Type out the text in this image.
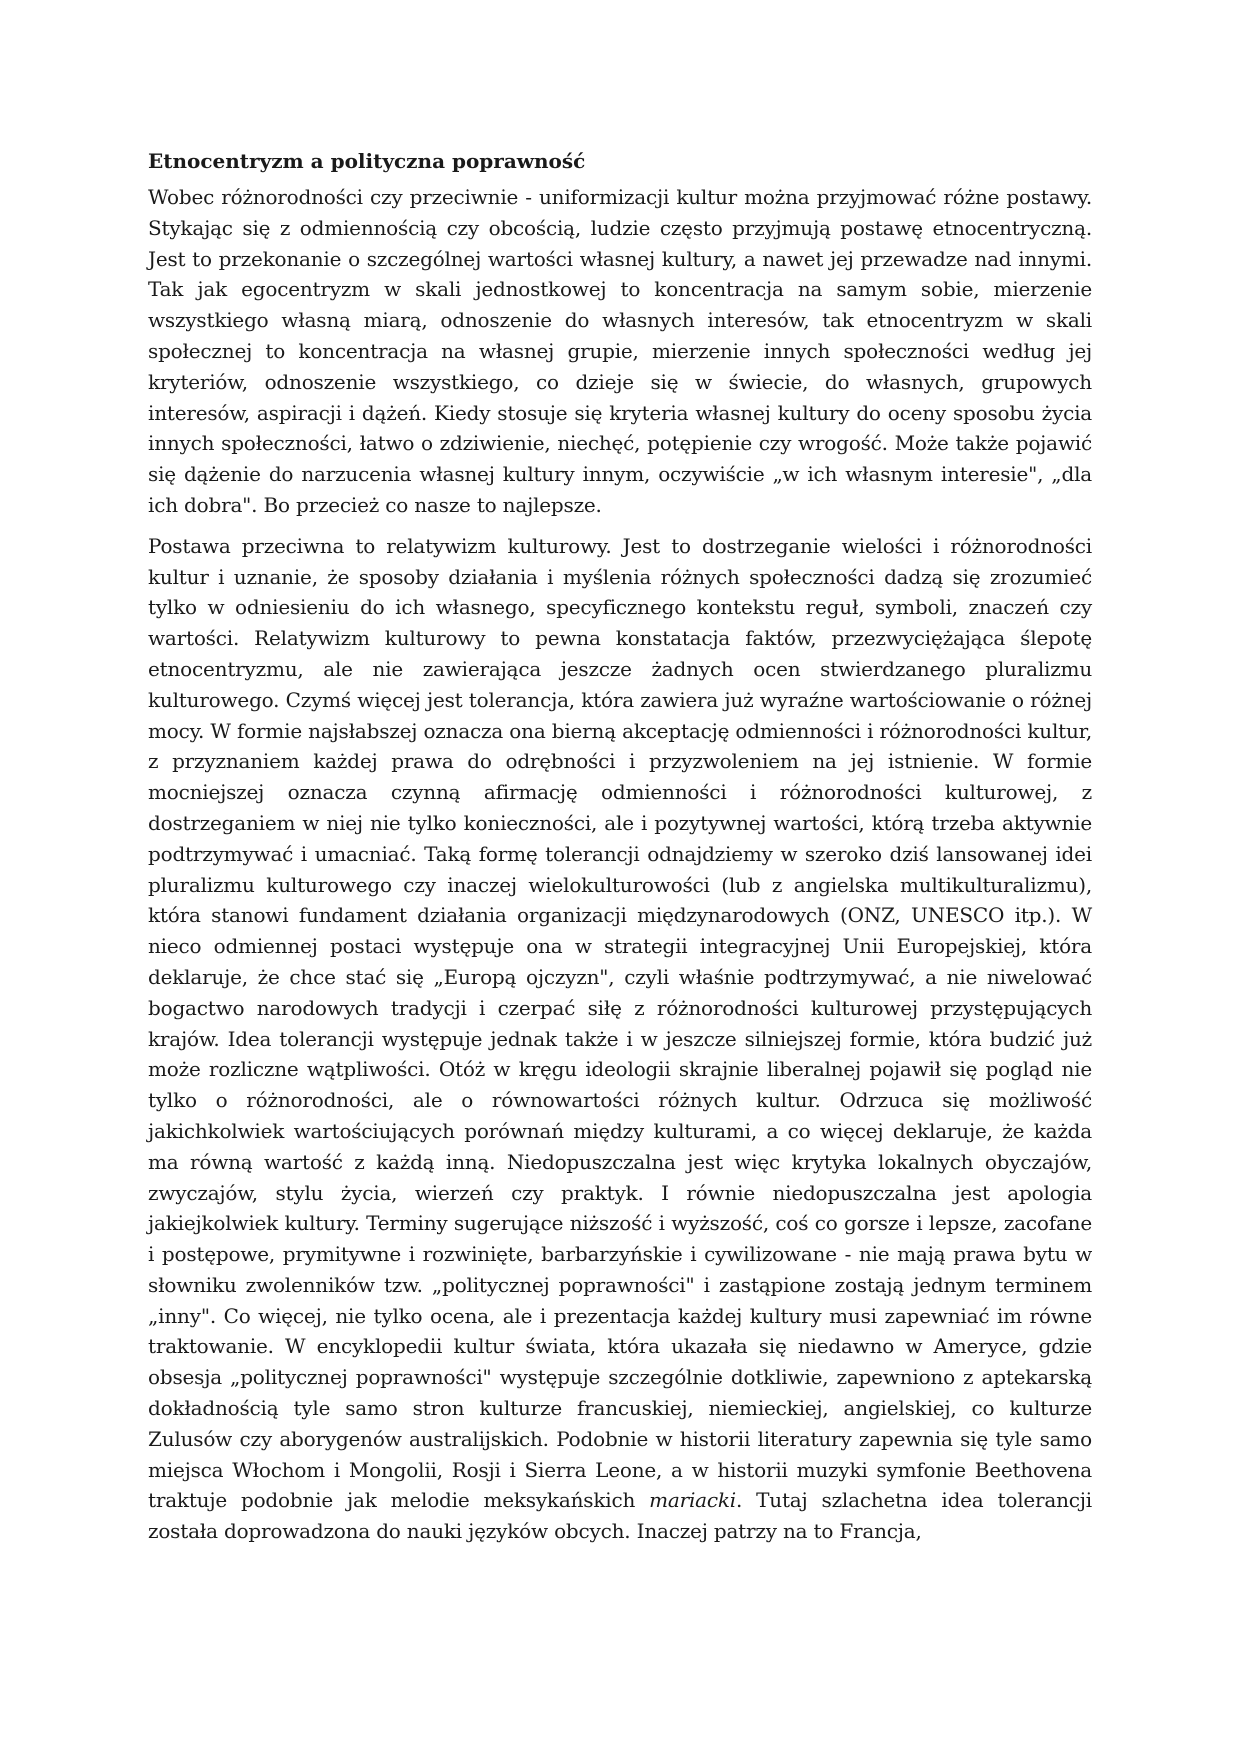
Etnocentryzm a polityczna poprawność

Wobec różnorodności czy przeciwnie - uniformizacji kultur można przyjmować różne postawy. Stykając się z odmiennością czy obcością, ludzie często przyjmują postawę etnocentryczną. Jest to przekonanie o szczególnej wartości własnej kultury, a nawet jej przewadze nad innymi. Tak jak egocentryzm w skali jednostkowej to koncentracja na samym sobie, mierzenie wszystkiego własną miarą, odnoszenie do własnych interesów, tak etnocentryzm w skali społecznej to koncentracja na własnej grupie, mierzenie innych społeczności według jej kryteriów, odnoszenie wszystkiego, co dzieje się w świecie, do własnych, grupowych interesów, aspiracji i dążeń. Kiedy stosuje się kryteria własnej kultury do oceny sposobu życia innych społeczności, łatwo o zdziwienie, niechęć, potępienie czy wrogość. Może także pojawić się dążenie do narzucenia własnej kultury innym, oczywiście „w ich własnym interesie", „dla ich dobra". Bo przecież co nasze to najlepsze.

Postawa przeciwna to relatywizm kulturowy. Jest to dostrzeganie wielości i różnorodności kultur i uznanie, że sposoby działania i myślenia różnych społeczności dadzą się zrozumieć tylko w odniesieniu do ich własnego, specyficznego kontekstu reguł, symboli, znaczeń czy wartości. Relatywizm kulturowy to pewna konstatacja faktów, przezwyciężająca ślepotę etnocentryzmu, ale nie zawierająca jeszcze żadnych ocen stwierdzanego pluralizmu kulturowego. Czymś więcej jest tolerancja, która zawiera już wyraźne wartościowanie o różnej mocy. W formie najsłabszej oznacza ona bierną akceptację odmienności i różnorodności kultur, z przyznaniem każdej prawa do odrębności i przyzwoleniem na jej istnienie. W formie mocniejszej oznacza czynną afirmację odmienności i różnorodności kulturowej, z dostrzeganiem w niej nie tylko konieczności, ale i pozytywnej wartości, którą trzeba aktywnie podtrzymywać i umacniać. Taką formę tolerancji odnajdziemy w szeroko dziś lansowanej idei pluralizmu kulturowego czy inaczej wielokulturowości (lub z angielska multikulturalizmu), która stanowi fundament działania organizacji międzynarodowych (ONZ, UNESCO itp.). W nieco odmiennej postaci występuje ona w strategii integracyjnej Unii Europejskiej, która deklaruje, że chce stać się „Europą ojczyzn", czyli właśnie podtrzymywać, a nie niwelować bogactwo narodowych tradycji i czerpać siłę z różnorodności kulturowej przystępujących krajów. Idea tolerancji występuje jednak także i w jeszcze silniejszej formie, która budzić już może rozliczne wątpliwości. Otóż w kręgu ideologii skrajnie liberalnej pojawił się pogląd nie tylko o różnorodności, ale o równowartości różnych kultur. Odrzuca się możliwość jakichkolwiek wartościujących porównań między kulturami, a co więcej deklaruje, że każda ma równą wartość z każdą inną. Niedopuszczalna jest więc krytyka lokalnych obyczajów, zwyczajów, stylu życia, wierzeń czy praktyk. I równie niedopuszczalna jest apologia jakiejkolwiek kultury. Terminy sugerujące niższość i wyższość, coś co gorsze i lepsze, zacofane i postępowe, prymitywne i rozwinięte, barbarzyńskie i cywilizowane - nie mają prawa bytu w słowniku zwolenników tzw. „politycznej poprawności" i zastąpione zostają jednym terminem „inny". Co więcej, nie tylko ocena, ale i prezentacja każdej kultury musi zapewniać im równe traktowanie. W encyklopedii kultur świata, która ukazała się niedawno w Ameryce, gdzie obsesja „politycznej poprawności" występuje szczególnie dotkliwie, zapewniono z aptekarską dokładnością tyle samo stron kulturze francuskiej, niemieckiej, angielskiej, co kulturze Zulusów czy aborygenów australijskich. Podobnie w historii literatury zapewnia się tyle samo miejsca Włochom i Mongolii, Rosji i Sierra Leone, a w historii muzyki symfonie Beethovena traktuje podobnie jak melodie meksykańskich mariacki. Tutaj szlachetna idea tolerancji została doprowadzona do nauki języków obcych. Inaczej patrzy na to Francja,
